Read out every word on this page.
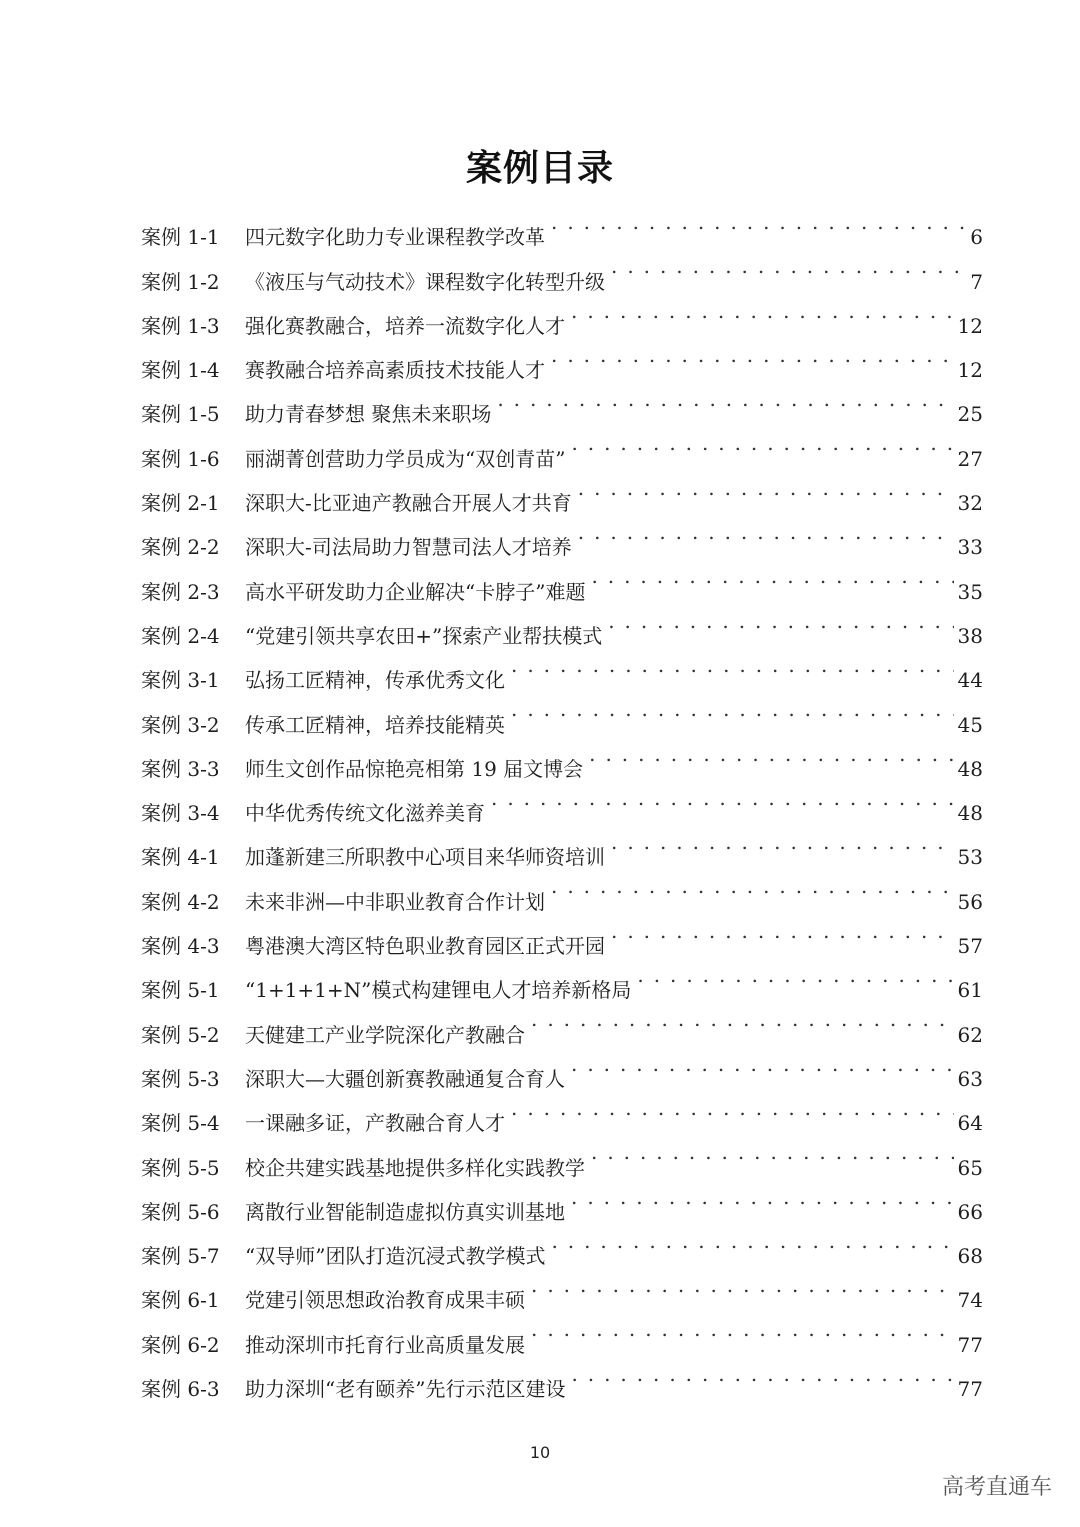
案例目录
案例 1-1	四元数字化助力专业课程教学改革 . . .	6
案例 1-2	《液压与气动技术》课程数字化转型升级 . . .	7
案例 1-3	强化赛教融合，培养一流数字化人才 . . .	12
案例 1-4	赛教融合培养高素质技术技能人才 . . .	12
案例 1-5	助力青春梦想 聚焦未来职场 . . .	25
案例 1-6	丽湖菁创营助力学员成为“双创青苗” . . .	27
案例 2-1	深职大-比亚迪产教融合开展人才共育 . . .	32
案例 2-2	深职大-司法局助力智慧司法人才培养 . . .	33
案例 2-3	高水平研发助力企业解决“卡脖子”难题 . . .	35
案例 2-4	“党建引领共享农田+”探索产业帮扶模式 . . .	38
案例 3-1	弘扬工匠精神，传承优秀文化 . . .	44
案例 3-2	传承工匠精神，培养技能精英 . . .	45
案例 3-3	师生文创作品惊艳亮相第 19 届文博会 . . .	48
案例 3-4	中华优秀传统文化滋养美育 . . .	48
案例 4-1	加蓬新建三所职教中心项目来华师资培训 . . .	53
案例 4-2	未来非洲—中非职业教育合作计划 . . .	56
案例 4-3	粤港澳大湾区特色职业教育园区正式开园 . . .	57
案例 5-1	“1+1+1+N”模式构建锂电人才培养新格局 . . .	61
案例 5-2	天健建工产业学院深化产教融合 . . .	62
案例 5-3	深职大—大疆创新赛教融通复合育人 . . .	63
案例 5-4	一课融多证，产教融合育人才 . . .	64
案例 5-5	校企共建实践基地提供多样化实践教学 . . .	65
案例 5-6	离散行业智能制造虚拟仿真实训基地 . . .	66
案例 5-7	“双导师”团队打造沉浸式教学模式 . . .	68
案例 6-1	党建引领思想政治教育成果丰硕 . . .	74
案例 6-2	推动深圳市托育行业高质量发展 . . .	77
案例 6-3	助力深圳“老有颐养”先行示范区建设 . . .	77
10
高考直通车
